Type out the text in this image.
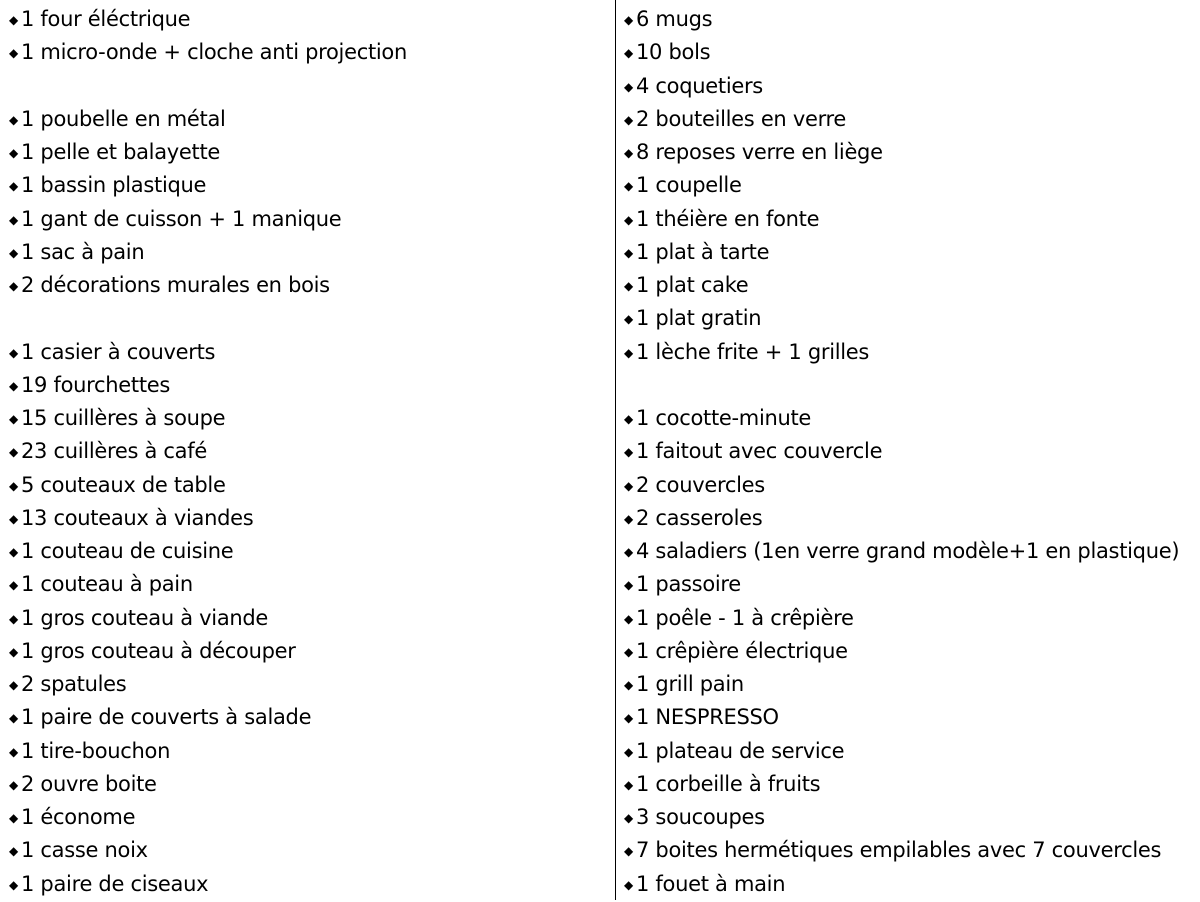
◆ 1 four éléctrique
◆ 1 micro-onde + cloche anti projection
◆ 1 poubelle en métal
◆ 1 pelle et balayette
◆ 1 bassin plastique
◆ 1 gant de cuisson + 1 manique
◆ 1 sac à pain
◆ 2 décorations murales en bois
◆ 1 casier à couverts
◆ 19 fourchettes
◆ 15 cuillères à soupe
◆ 23 cuillères à café
◆ 5 couteaux de table
◆ 13 couteaux à viandes
◆ 1 couteau de cuisine
◆ 1 couteau à pain
◆ 1 gros couteau à viande
◆ 1 gros couteau à découper
◆ 2 spatules
◆ 1 paire de couverts à salade
◆ 1 tire-bouchon
◆ 2 ouvre boite
◆ 1 économe
◆ 1 casse noix
◆ 1 paire de ciseaux
◆ 6 mugs
◆ 10 bols
◆ 4 coquetiers
◆ 2 bouteilles en verre
◆ 8 reposes verre en liège
◆ 1 coupelle
◆ 1 théière en fonte
◆ 1 plat à tarte
◆ 1 plat cake
◆ 1 plat gratin
◆ 1 lèche frite + 1 grilles
◆ 1 cocotte-minute
◆ 1 faitout avec couvercle
◆ 2 couvercles
◆ 2 casseroles
◆ 4 saladiers (1en verre grand modèle+1 en plastique)
◆ 1 passoire
◆ 1 poêle - 1 à crêpière
◆ 1 crêpière électrique
◆ 1 grill pain
◆ 1 NESPRESSO
◆ 1 plateau de service
◆ 1 corbeille à fruits
◆ 3 soucoupes
◆ 7 boites hermétiques empilables avec 7 couvercles
◆ 1 fouet à main
